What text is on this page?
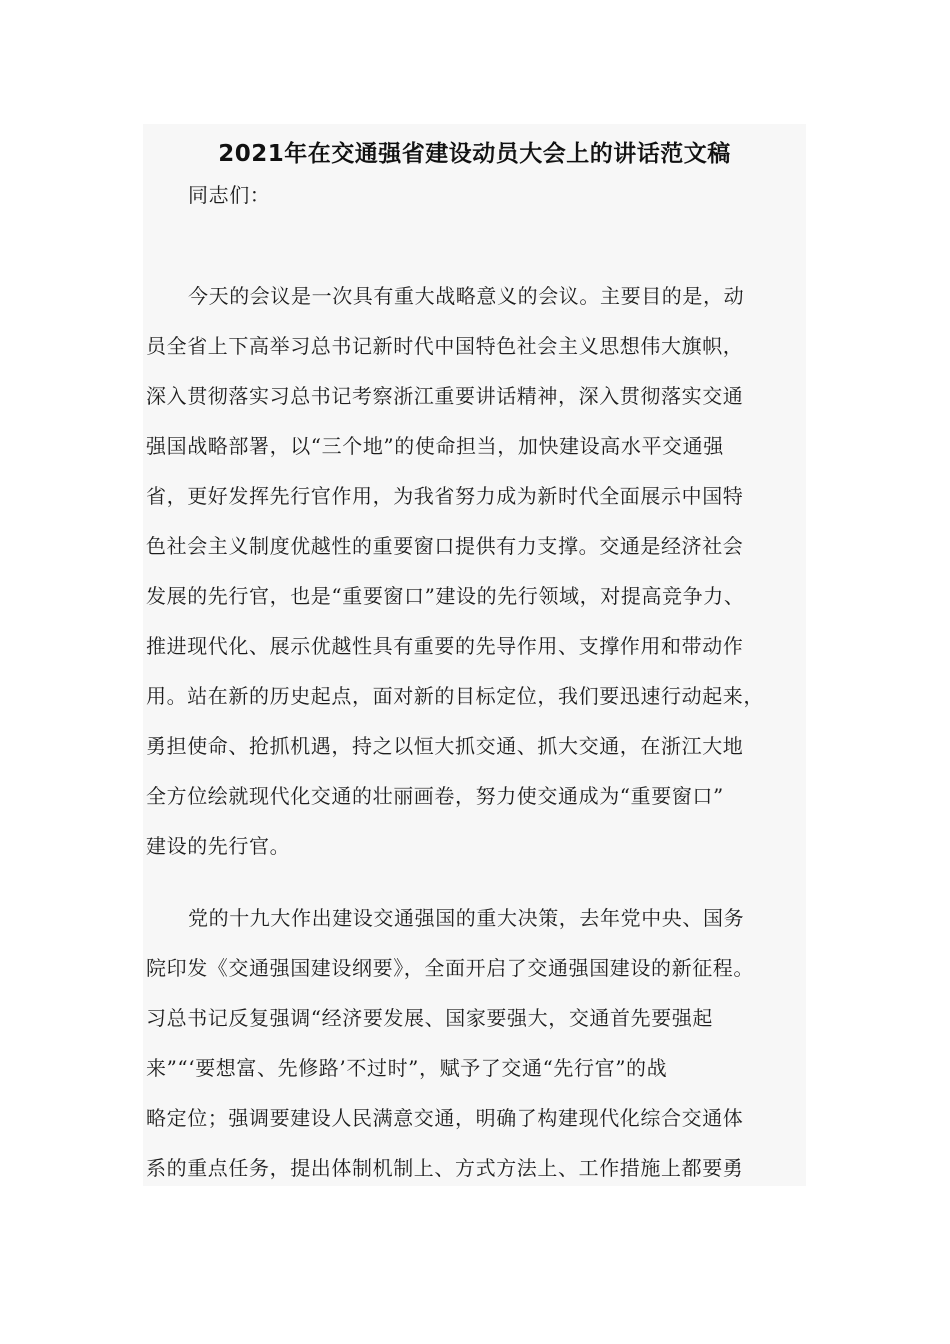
2021年在交通强省建设动员大会上的讲话范文稿
同志们：
今天的会议是一次具有重大战略意义的会议。主要目的是，动
员全省上下高举习总书记新时代中国特色社会主义思想伟大旗帜，
深入贯彻落实习总书记考察浙江重要讲话精神，深入贯彻落实交通
强国战略部署，以“三个地”的使命担当，加快建设高水平交通强
省，更好发挥先行官作用，为我省努力成为新时代全面展示中国特
色社会主义制度优越性的重要窗口提供有力支撑。交通是经济社会
发展的先行官，也是“重要窗口”建设的先行领域，对提高竞争力、
推进现代化、展示优越性具有重要的先导作用、支撑作用和带动作
用。站在新的历史起点，面对新的目标定位，我们要迅速行动起来，
勇担使命、抢抓机遇，持之以恒大抓交通、抓大交通，在浙江大地
全方位绘就现代化交通的壮丽画卷，努力使交通成为“重要窗口”
建设的先行官。
党的十九大作出建设交通强国的重大决策，去年党中央、国务
院印发《交通强国建设纲要》，全面开启了交通强国建设的新征程。
习总书记反复强调“经济要发展、国家要强大，交通首先要强起
来”“‘要想富、先修路’不过时”，赋予了交通“先行官”的战
略定位；强调要建设人民满意交通，明确了构建现代化综合交通体
系的重点任务，提出体制机制上、方式方法上、工作措施上都要勇
